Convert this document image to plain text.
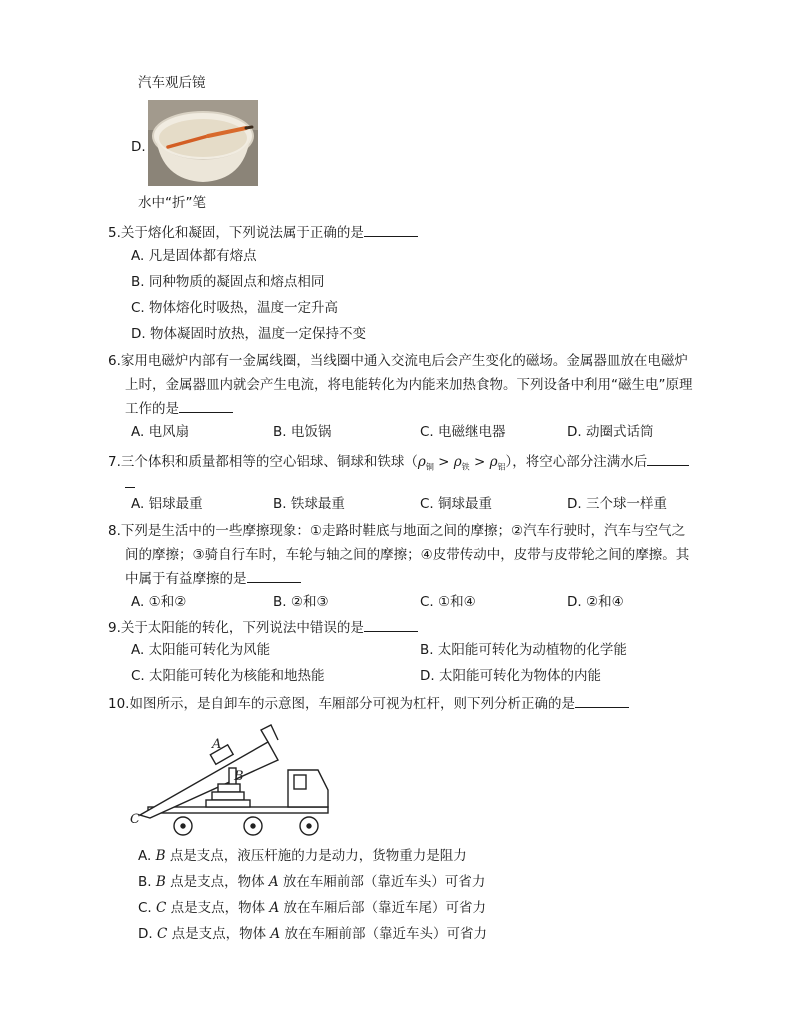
汽车观后镜
D.
水中“折”笔
5.关于熔化和凝固，下列说法属于正确的是
A. 凡是固体都有熔点
B. 同种物质的凝固点和熔点相同
C. 物体熔化时吸热，温度一定升高
D. 物体凝固时放热，温度一定保持不变
6.家用电磁炉内部有一金属线圈，当线圈中通入交流电后会产生变化的磁场。金属器皿放在电磁炉
上时，金属器皿内就会产生电流，将电能转化为内能来加热食物。下列设备中利用“磁生电”原理
工作的是
A. 电风扇	B. 电饭锅	C. 电磁继电器	D. 动圈式话筒
7.三个体积和质量都相等的空心铝球、铜球和铁球$(\rho_铜 > \rho_铁 > \rho_铝)$，将空心部分注满水后
A. 铝球最重	B. 铁球最重	C. 铜球最重	D. 三个球一样重
8.下列是生活中的一些摩擦现象：①走路时鞋底与地面之间的摩擦；②汽车行驶时，汽车与空气之
间的摩擦；③骑自行车时，车轮与轴之间的摩擦；④皮带传动中，皮带与皮带轮之间的摩擦。其
中属于有益摩擦的是
A. ①和②	B. ②和③	C. ①和④	D. ②和④
9.关于太阳能的转化，下列说法中错误的是
A. 太阳能可转化为风能	B. 太阳能可转化为动植物的化学能
C. 太阳能可转化为核能和地热能	D. 太阳能可转化为物体的内能
10.如图所示，是自卸车的示意图，车厢部分可视为杠杆，则下列分析正确的是
A
B
C
A. B 点是支点，液压杆施的力是动力，货物重力是阻力
B. B 点是支点，物体 A 放在车厢前部（靠近车头）可省力
C. C 点是支点，物体 A 放在车厢后部（靠近车尾）可省力
D. C 点是支点，物体 A 放在车厢前部（靠近车头）可省力
